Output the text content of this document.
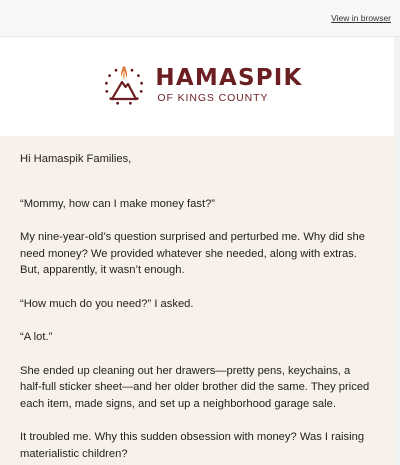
View in browser
HAMASPIK
OF KINGS COUNTY

Hi Hamaspik Families,

“Mommy, how can I make money fast?”

My nine-year-old’s question surprised and perturbed me. Why did she need money? We provided whatever she needed, along with extras. But, apparently, it wasn’t enough.

“How much do you need?” I asked.

“A lot.”

She ended up cleaning out her drawers—pretty pens, keychains, a half-full sticker sheet—and her older brother did the same. They priced each item, made signs, and set up a neighborhood garage sale.

It troubled me. Why this sudden obsession with money? Was I raising materialistic children?
